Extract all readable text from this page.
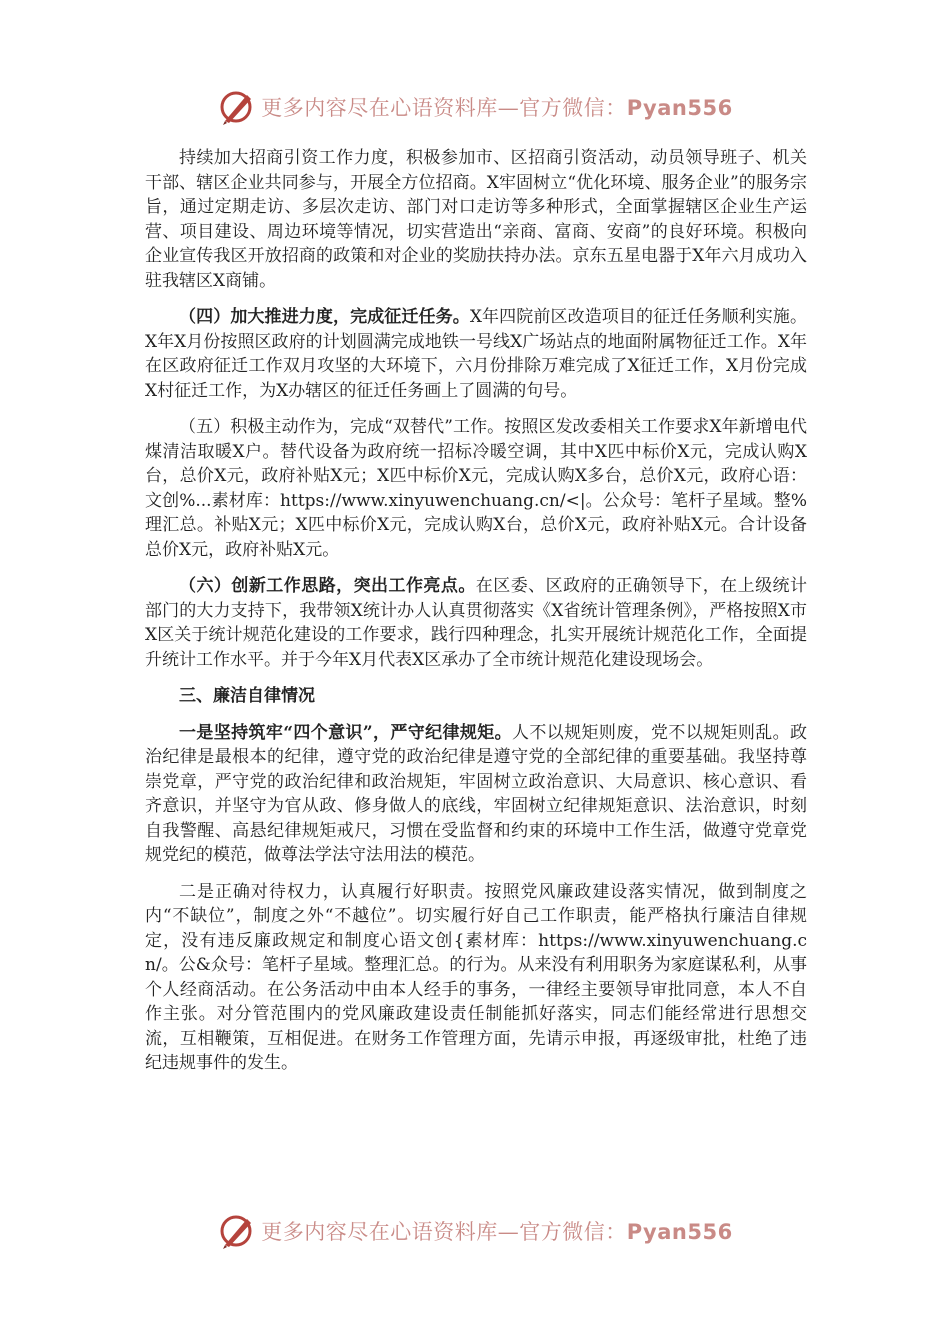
更多内容尽在心语资料库—官方微信：Pyan556

持续加大招商引资工作力度，积极参加市、区招商引资活动，动员领导班子、机关干部、辖区企业共同参与，开展全方位招商。X牢固树立“优化环境、服务企业”的服务宗旨，通过定期走访、多层次走访、部门对口走访等多种形式，全面掌握辖区企业生产运营、项目建设、周边环境等情况，切实营造出“亲商、富商、安商”的良好环境。积极向企业宣传我区开放招商的政策和对企业的奖励扶持办法。京东五星电器于X年六月成功入驻我辖区X商铺。

（四）加大推进力度，完成征迁任务。X年四院前区改造项目的征迁任务顺利实施。X年X月份按照区政府的计划圆满完成地铁一号线X广场站点的地面附属物征迁工作。X年在区政府征迁工作双月攻坚的大环境下，六月份排除万难完成了X征迁工作，X月份完成X村征迁工作，为X办辖区的征迁任务画上了圆满的句号。

（五）积极主动作为，完成“双替代”工作。按照区发改委相关工作要求X年新增电代煤清洁取暖X户。替代设备为政府统一招标冷暖空调，其中X匹中标价X元，完成认购X台，总价X元，政府补贴X元；X匹中标价X元，完成认购X多台，总价X元，政府心语：文创%...素材库：https://www.xinyuwenchuang.cn/<|。公众号：笔杆子星域。整%理汇总。补贴X元；X匹中标价X元，完成认购X台，总价X元，政府补贴X元。合计设备总价X元，政府补贴X元。

（六）创新工作思路，突出工作亮点。在区委、区政府的正确领导下，在上级统计部门的大力支持下，我带领X统计办人认真贯彻落实《X省统计管理条例》，严格按照X市X区关于统计规范化建设的工作要求，践行四种理念，扎实开展统计规范化工作，全面提升统计工作水平。并于今年X月代表X区承办了全市统计规范化建设现场会。

三、廉洁自律情况

一是坚持筑牢“四个意识”，严守纪律规矩。人不以规矩则废，党不以规矩则乱。政治纪律是最根本的纪律，遵守党的政治纪律是遵守党的全部纪律的重要基础。我坚持尊崇党章，严守党的政治纪律和政治规矩，牢固树立政治意识、大局意识、核心意识、看齐意识，并坚守为官从政、修身做人的底线，牢固树立纪律规矩意识、法治意识，时刻自我警醒、高悬纪律规矩戒尺，习惯在受监督和约束的环境中工作生活，做遵守党章党规党纪的模范，做尊法学法守法用法的模范。

二是正确对待权力，认真履行好职责。按照党风廉政建设落实情况，做到制度之内“不缺位”，制度之外“不越位”。切实履行好自己工作职责，能严格执行廉洁自律规定，没有违反廉政规定和制度心语文创{素材库：https://www.xinyuwenchuang.cn/。公&众号：笔杆子星域。整理汇总。的行为。从来没有利用职务为家庭谋私利，从事个人经商活动。在公务活动中由本人经手的事务，一律经主要领导审批同意，本人不自作主张。对分管范围内的党风廉政建设责任制能抓好落实，同志们能经常进行思想交流，互相鞭策，互相促进。在财务工作管理方面，先请示申报，再逐级审批，杜绝了违纪违规事件的发生。

更多内容尽在心语资料库—官方微信：Pyan556
